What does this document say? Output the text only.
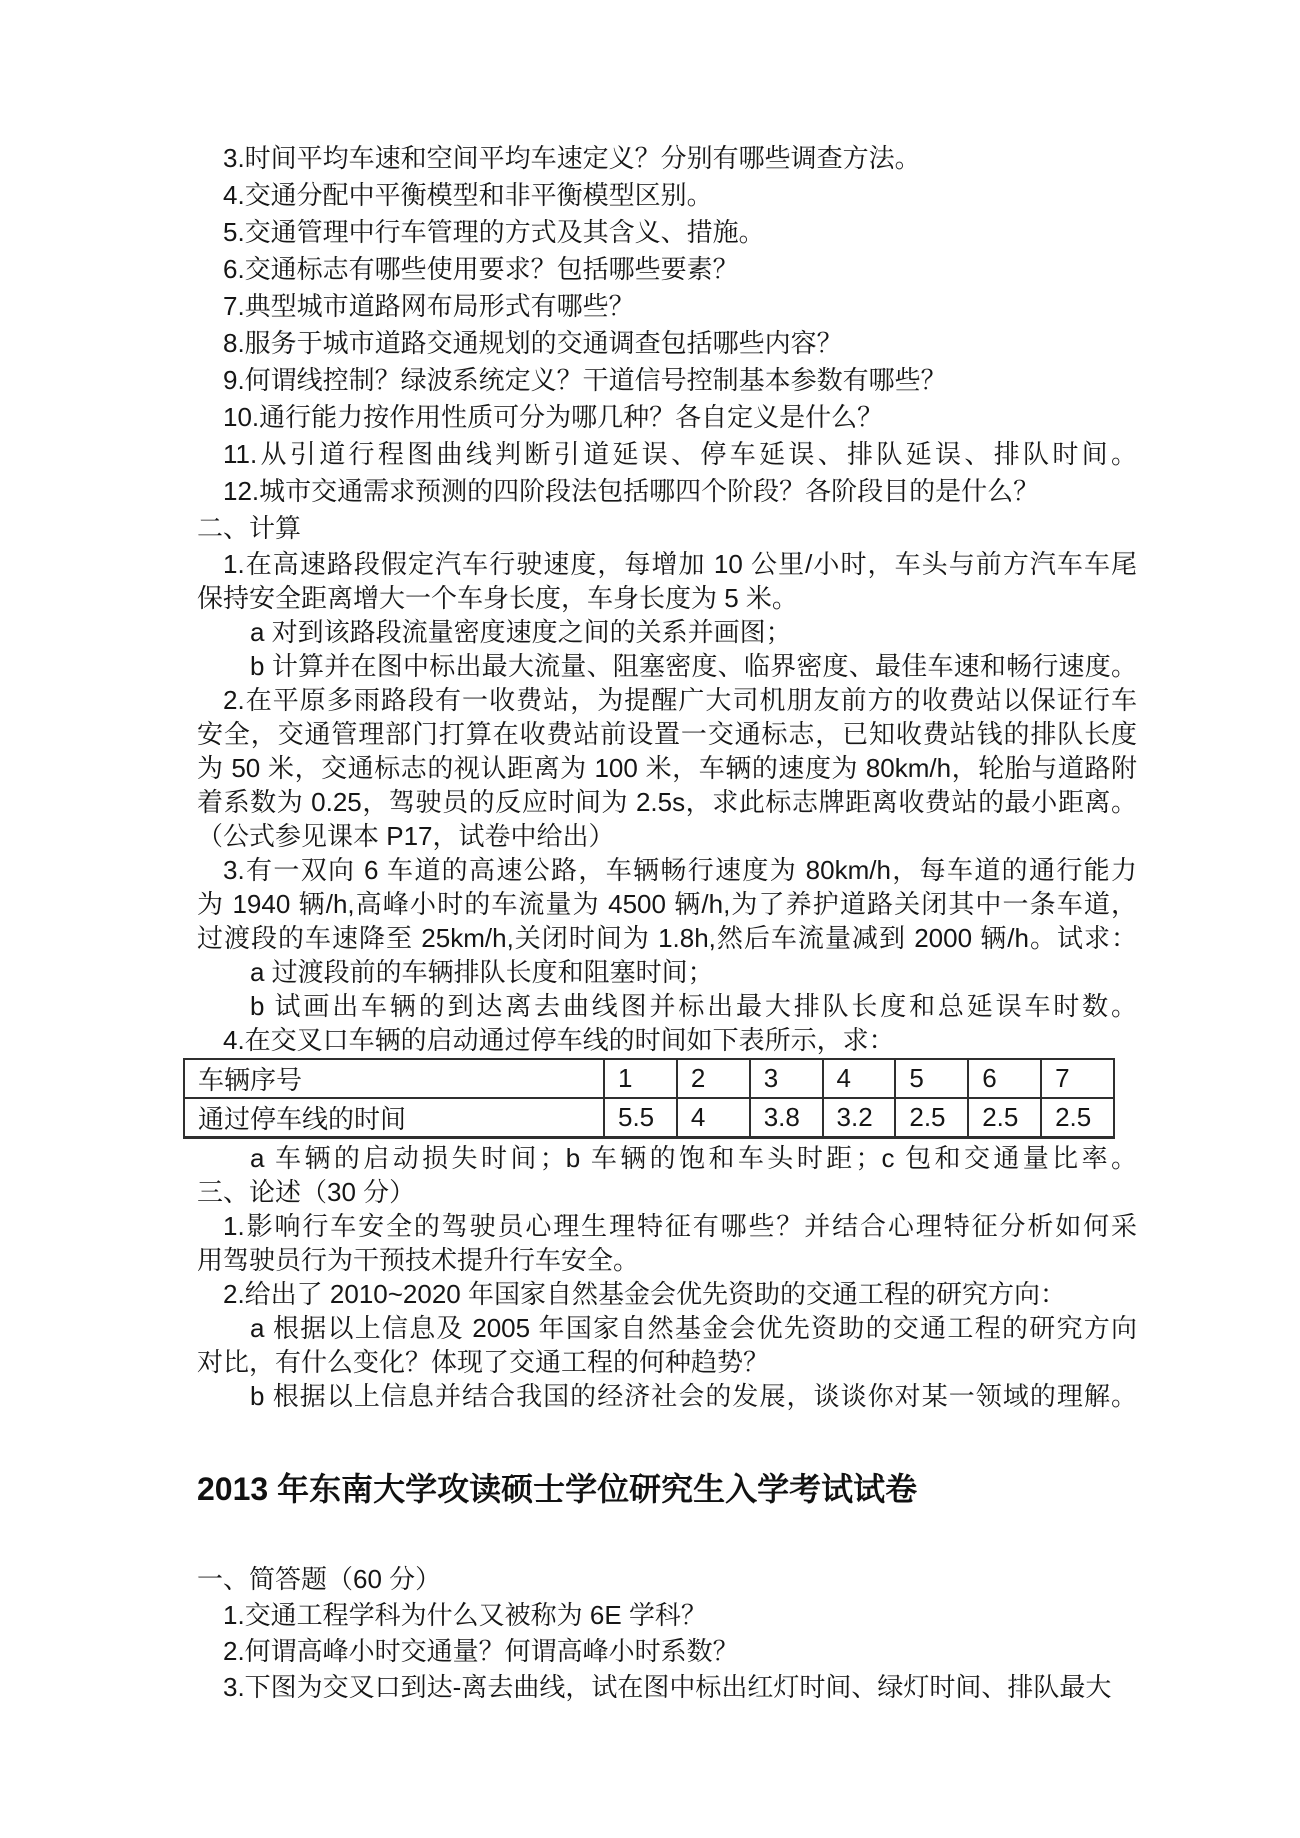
3.时间平均车速和空间平均车速定义？分别有哪些调查方法。
4.交通分配中平衡模型和非平衡模型区别。
5.交通管理中行车管理的方式及其含义、措施。
6.交通标志有哪些使用要求？包括哪些要素？
7.典型城市道路网布局形式有哪些？
8.服务于城市道路交通规划的交通调查包括哪些内容？
9.何谓线控制？绿波系统定义？干道信号控制基本参数有哪些？
10.通行能力按作用性质可分为哪几种？各自定义是什么？
11.从引道行程图曲线判断引道延误、停车延误、排队延误、排队时间。
12.城市交通需求预测的四阶段法包括哪四个阶段？各阶段目的是什么？
二、计算
1.在高速路段假定汽车行驶速度，每增加 10 公里/小时，车头与前方汽车车尾
保持安全距离增大一个车身长度，车身长度为 5 米。
a 对到该路段流量密度速度之间的关系并画图；
b 计算并在图中标出最大流量、阻塞密度、临界密度、最佳车速和畅行速度。
2.在平原多雨路段有一收费站，为提醒广大司机朋友前方的收费站以保证行车
安全，交通管理部门打算在收费站前设置一交通标志，已知收费站钱的排队长度
为 50 米，交通标志的视认距离为 100 米，车辆的速度为 80km/h，轮胎与道路附
着系数为 0.25，驾驶员的反应时间为 2.5s，求此标志牌距离收费站的最小距离。
（公式参见课本 P17，试卷中给出）
3.有一双向 6 车道的高速公路，车辆畅行速度为 80km/h，每车道的通行能力
为 1940 辆/h,高峰小时的车流量为 4500 辆/h,为了养护道路关闭其中一条车道，
过渡段的车速降至 25km/h,关闭时间为 1.8h,然后车流量减到 2000 辆/h。试求：
a 过渡段前的车辆排队长度和阻塞时间；
b 试画出车辆的到达离去曲线图并标出最大排队长度和总延误车时数。
4.在交叉口车辆的启动通过停车线的时间如下表所示，求：
车辆序号	1	2	3	4	5	6	7
通过停车线的时间	5.5	4	3.8	3.2	2.5	2.5	2.5
a 车辆的启动损失时间；b 车辆的饱和车头时距；c 包和交通量比率。
三、论述（30 分）
1.影响行车安全的驾驶员心理生理特征有哪些？并结合心理特征分析如何采
用驾驶员行为干预技术提升行车安全。
2.给出了 2010~2020 年国家自然基金会优先资助的交通工程的研究方向：
a 根据以上信息及 2005 年国家自然基金会优先资助的交通工程的研究方向
对比，有什么变化？体现了交通工程的何种趋势？
b 根据以上信息并结合我国的经济社会的发展，谈谈你对某一领域的理解。
2013 年东南大学攻读硕士学位研究生入学考试试卷
一、简答题（60 分）
1.交通工程学科为什么又被称为 6E 学科？
2.何谓高峰小时交通量？何谓高峰小时系数？
3.下图为交叉口到达-离去曲线，试在图中标出红灯时间、绿灯时间、排队最大
